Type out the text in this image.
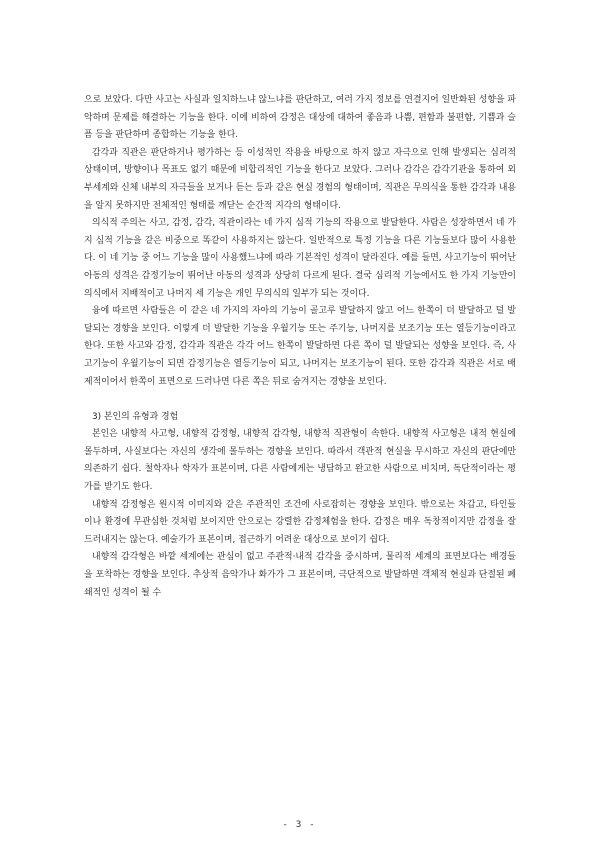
으로 보았다. 다만 사고는 사실과 일치하느냐 않느냐를 판단하고, 여러 가지 정보를 연결지어 일반화된 성향을 파악하며 문제를 해결하는 기능을 한다. 이에 비하여 감정은 대상에 대하여 좋음과 나쁨, 편함과 불편함, 기쁨과 슬픔 등을 판단하며 종합하는 기능을 한다.

감각과 직관은 판단하거나 평가하는 등 이성적인 작용을 바탕으로 하지 않고 자극으로 인해 발생되는 심리적 상태이며, 방향이나 목표도 없기 때문에 비합리적인 기능을 한다고 보았다. 그러나 감각은 감각기관을 통하여 외부세계와 신체 내부의 자극들을 보거나 듣는 등과 같은 현실 경험의 형태이며, 직관은 무의식을 통한 감각과 내용을 알지 못하지만 전체적인 형태를 깨닫는 순간적 지각의 형태이다.

의식적 주의는 사고, 감정, 감각, 직관이라는 네 가지 심적 기능의 작용으로 발달한다. 사람은 성장하면서 네 가지 심적 기능을 같은 비중으로 똑같이 사용하지는 않는다. 일반적으로 특정 기능을 다른 기능들보다 많이 사용한다. 이 네 기능 중 어느 기능을 많이 사용했느냐에 따라 기본적인 성격이 달라진다. 예를 들면, 사고기능이 뛰어난 아동의 성격은 감정기능이 뛰어난 아동의 성격과 상당히 다르게 된다. 결국 심리적 기능에서도 한 가지 기능만이 의식에서 지배적이고 나머지 세 기능은 개인 무의식의 일부가 되는 것이다.

융에 따르면 사람들은 이 같은 네 가지의 자아의 기능이 골고루 발달하지 않고 어느 한쪽이 더 발달하고 덜 발달되는 경향을 보인다. 이렇게 더 발달한 기능을 우월기능 또는 주기능, 나머지를 보조기능 또는 열등기능이라고 한다. 또한 사고와 감정, 감각과 직관은 각각 어느 한쪽이 발달하면 다른 쪽이 덜 발달되는 성향을 보인다. 즉, 사고기능이 우월기능이 되면 감정기능은 열등기능이 되고, 나머지는 보조기능이 된다. 또한 감각과 직관은 서로 배제적이어서 한쪽이 표면으로 드러나면 다른 쪽은 뒤로 숨겨지는 경향을 보인다.

3) 본인의 유형과 경험

본인은 내향적 사고형, 내향적 감정형, 내향적 감각형, 내향적 직관형이 속한다. 내향적 사고형은 내적 현실에 몰두하며, 사실보다는 자신의 생각에 몰두하는 경향을 보인다. 따라서 객관적 현실을 무시하고 자신의 판단에만 의존하기 쉽다. 철학자나 학자가 표본이며, 다른 사람에게는 냉담하고 완고한 사람으로 비치며, 독단적이라는 평가를 받기도 한다.

내향적 감정형은 원시적 이미지와 같은 주관적인 조건에 사로잡히는 경향을 보인다. 밖으로는 차갑고, 타인들이나 환경에 무관심한 것처럼 보이지만 안으로는 강렬한 감정체험을 한다. 감정은 매우 독창적이지만 감정을 잘 드러내지는 않는다. 예술가가 표본이며, 접근하기 어려운 대상으로 보이기 쉽다.

내향적 감각형은 바깥 세계에는 관심이 없고 주관적·내적 감각을 중시하며, 물리적 세계의 표면보다는 배경들을 포착하는 경향을 보인다. 추상적 음악가나 화가가 그 표본이며, 극단적으로 발달하면 객체적 현실과 단절된 폐쇄적인 성격이 될 수

- 3 -
